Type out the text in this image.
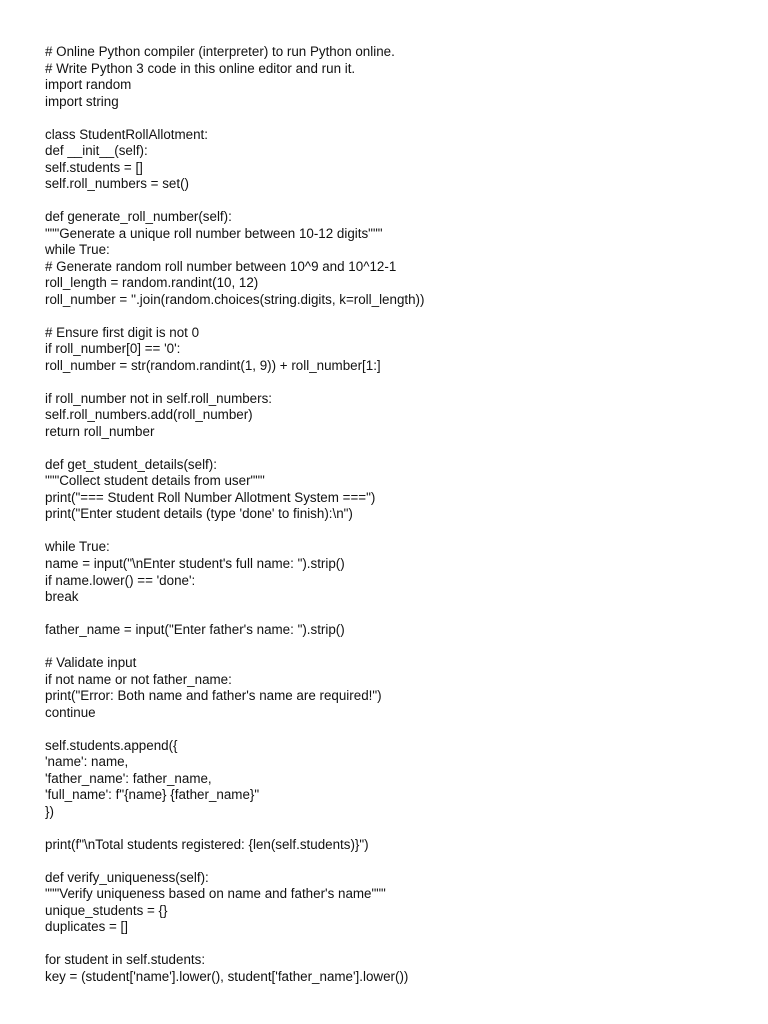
# Online Python compiler (interpreter) to run Python online.
# Write Python 3 code in this online editor and run it.
import random
import string
class StudentRollAllotment:
def __init__(self):
self.students = []
self.roll_numbers = set()
def generate_roll_number(self):
"""Generate a unique roll number between 10-12 digits"""
while True:
# Generate random roll number between 10^9 and 10^12-1
roll_length = random.randint(10, 12)
roll_number = ''.join(random.choices(string.digits, k=roll_length))
# Ensure first digit is not 0
if roll_number[0] == '0':
roll_number = str(random.randint(1, 9)) + roll_number[1:]
if roll_number not in self.roll_numbers:
self.roll_numbers.add(roll_number)
return roll_number
def get_student_details(self):
"""Collect student details from user"""
print("=== Student Roll Number Allotment System ===")
print("Enter student details (type 'done' to finish):\n")
while True:
name = input("\nEnter student's full name: ").strip()
if name.lower() == 'done':
break
father_name = input("Enter father's name: ").strip()
# Validate input
if not name or not father_name:
print("Error: Both name and father's name are required!")
continue
self.students.append({
'name': name,
'father_name': father_name,
'full_name': f"{name} {father_name}"
})
print(f"\nTotal students registered: {len(self.students)}")
def verify_uniqueness(self):
"""Verify uniqueness based on name and father's name"""
unique_students = {}
duplicates = []
for student in self.students:
key = (student['name'].lower(), student['father_name'].lower())
